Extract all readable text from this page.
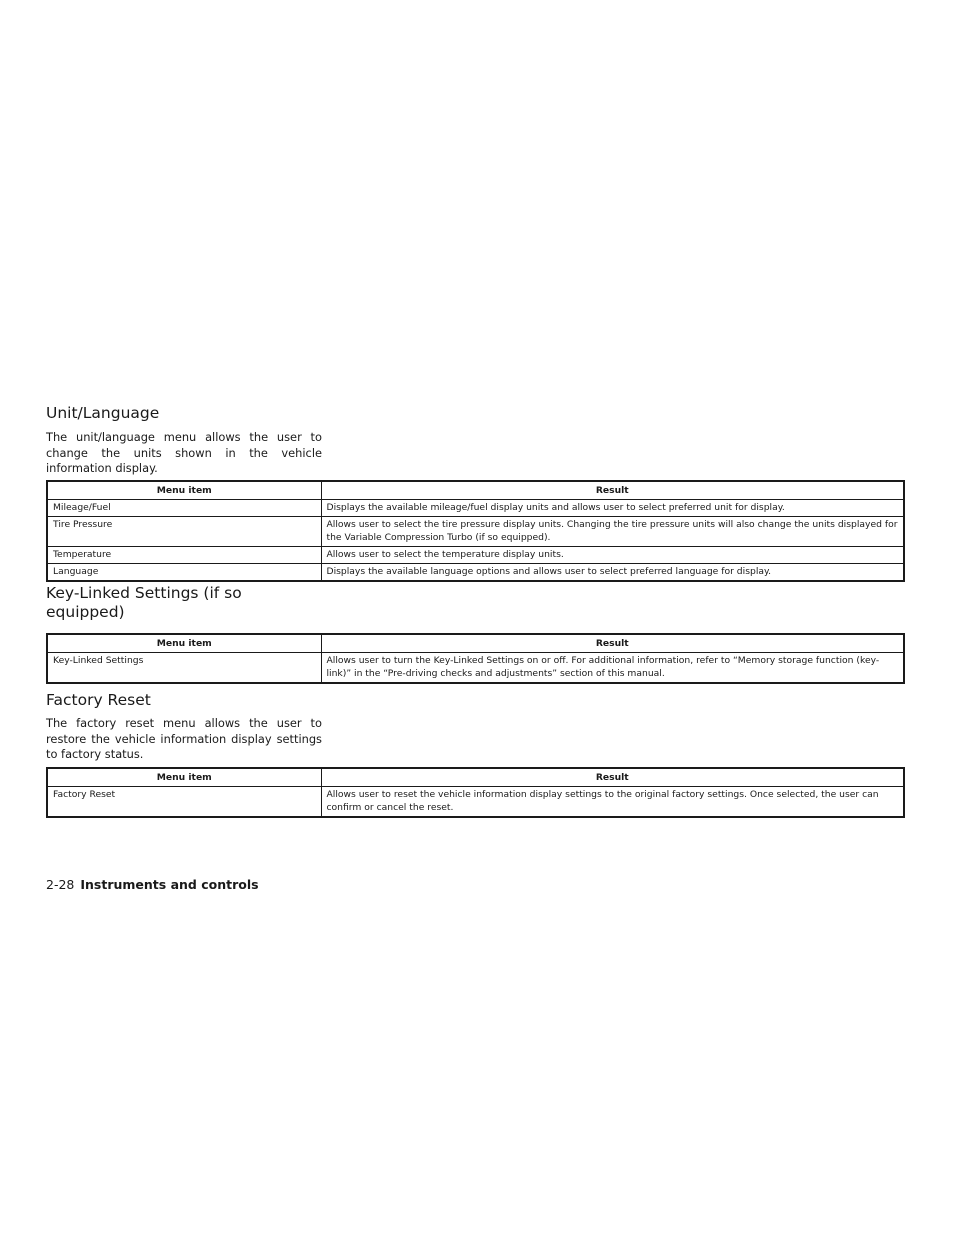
Unit/Language

The unit/language menu allows the user to change the units shown in the vehicle information display.

Menu item	Result
Mileage/Fuel	Displays the available mileage/fuel display units and allows user to select preferred unit for display.
Tire Pressure	Allows user to select the tire pressure display units. Changing the tire pressure units will also change the units displayed for the Variable Compression Turbo (if so equipped).
Temperature	Allows user to select the temperature display units.
Language	Displays the available language options and allows user to select preferred language for display.
Key-Linked Settings (if so equipped)
Menu item	Result
Key-Linked Settings	Allows user to turn the Key-Linked Settings on or off. For additional information, refer to “Memory storage function (key-link)” in the “Pre-driving checks and adjustments” section of this manual.
Factory Reset

The factory reset menu allows the user to restore the vehicle information display settings to factory status.

Menu item	Result
Factory Reset	Allows user to reset the vehicle information display settings to the original factory settings. Once selected, the user can confirm or cancel the reset.
2-28 Instruments and controls
